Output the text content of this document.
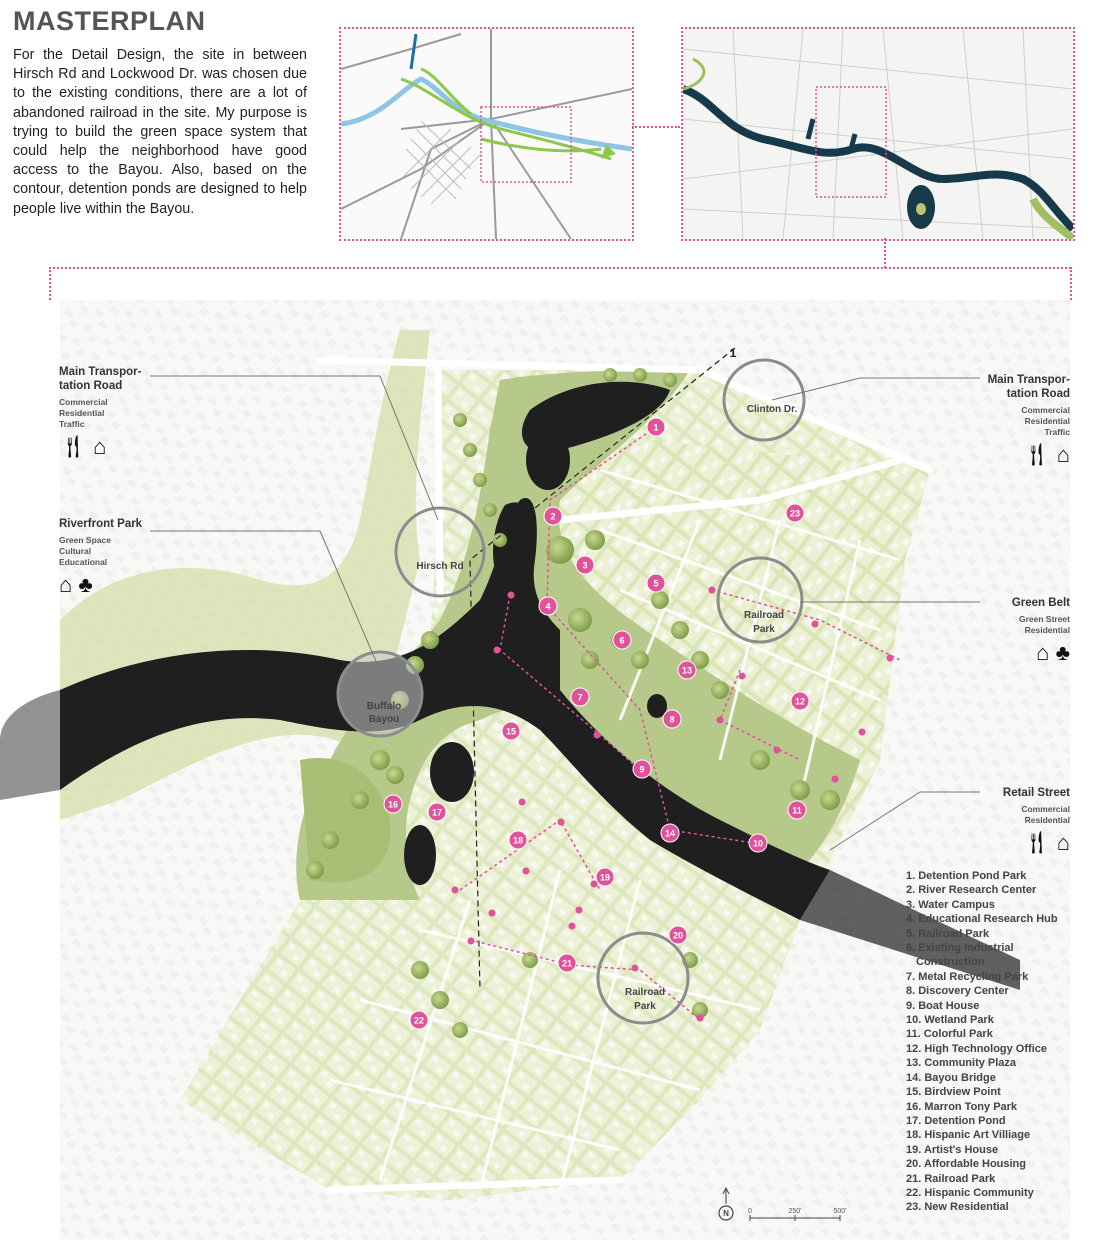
MASTERPLAN
For the Detail Design, the site in between Hirsch Rd and Lockwood Dr. was chosen due to the existing conditions, there are a lot of abandoned railroad in the site. My purpose is trying to build the green space system that could help the neighborhood have good access to the Bayou. Also, based on the contour, detention ponds are designed to help people live within the Bayou.
Clinton Dr.
Hirsch Rd
Buffalo
Bayou
Railroad
Park
Railroad
Park
1
1
2
3
4
5
6
7
8
9
10
11
12
13
14
15
16
17
18
19
20
21
22
23
Main Transpor-tation Road
Commercial
Residential
Traffic
🍴︎ ⌂
Riverfront Park
Green Space
Cultural
Educational
⌂ ♣
Main Transpor-tation Road
Commercial
Residential
Traffic
🍴︎ ⌂
Green Belt
Green Street
Residential
⌂ ♣
Retail Street
Commercial
Residential
🍴︎ ⌂
1. Detention Pond Park
2. River Research Center
3. Water Campus
4. Educational Research Hub
5. Railroad Park
6. Existing Industrial
Construction
7. Metal Recycling Park
8. Discovery Center
9. Boat House
10. Wetland Park
11. Colorful Park
12. High Technology Office
13. Community Plaza
14. Bayou Bridge
15. Birdview Point
16. Marron Tony Park
17. Detention Pond
18. Hispanic Art Villiage
19. Artist's House
20. Affordable Housing
21. Railroad Park
22. Hispanic Community
23. New Residential
N	0	250'	500'
